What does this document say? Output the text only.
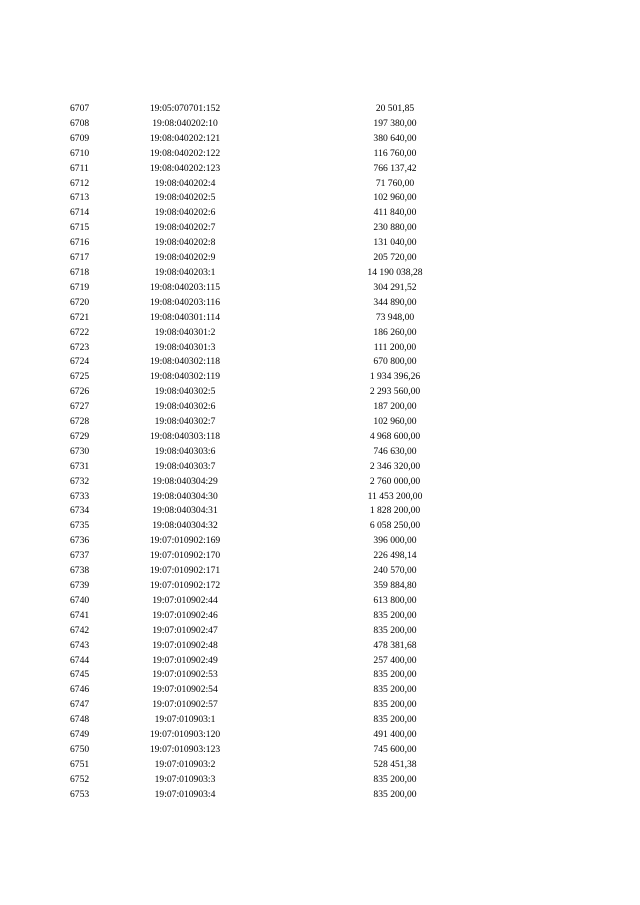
6707	19:05:070701:152	20 501,85
6708	19:08:040202:10	197 380,00
6709	19:08:040202:121	380 640,00
6710	19:08:040202:122	116 760,00
6711	19:08:040202:123	766 137,42
6712	19:08:040202:4	71 760,00
6713	19:08:040202:5	102 960,00
6714	19:08:040202:6	411 840,00
6715	19:08:040202:7	230 880,00
6716	19:08:040202:8	131 040,00
6717	19:08:040202:9	205 720,00
6718	19:08:040203:1	14 190 038,28
6719	19:08:040203:115	304 291,52
6720	19:08:040203:116	344 890,00
6721	19:08:040301:114	73 948,00
6722	19:08:040301:2	186 260,00
6723	19:08:040301:3	111 200,00
6724	19:08:040302:118	670 800,00
6725	19:08:040302:119	1 934 396,26
6726	19:08:040302:5	2 293 560,00
6727	19:08:040302:6	187 200,00
6728	19:08:040302:7	102 960,00
6729	19:08:040303:118	4 968 600,00
6730	19:08:040303:6	746 630,00
6731	19:08:040303:7	2 346 320,00
6732	19:08:040304:29	2 760 000,00
6733	19:08:040304:30	11 453 200,00
6734	19:08:040304:31	1 828 200,00
6735	19:08:040304:32	6 058 250,00
6736	19:07:010902:169	396 000,00
6737	19:07:010902:170	226 498,14
6738	19:07:010902:171	240 570,00
6739	19:07:010902:172	359 884,80
6740	19:07:010902:44	613 800,00
6741	19:07:010902:46	835 200,00
6742	19:07:010902:47	835 200,00
6743	19:07:010902:48	478 381,68
6744	19:07:010902:49	257 400,00
6745	19:07:010902:53	835 200,00
6746	19:07:010902:54	835 200,00
6747	19:07:010902:57	835 200,00
6748	19:07:010903:1	835 200,00
6749	19:07:010903:120	491 400,00
6750	19:07:010903:123	745 600,00
6751	19:07:010903:2	528 451,38
6752	19:07:010903:3	835 200,00
6753	19:07:010903:4	835 200,00
